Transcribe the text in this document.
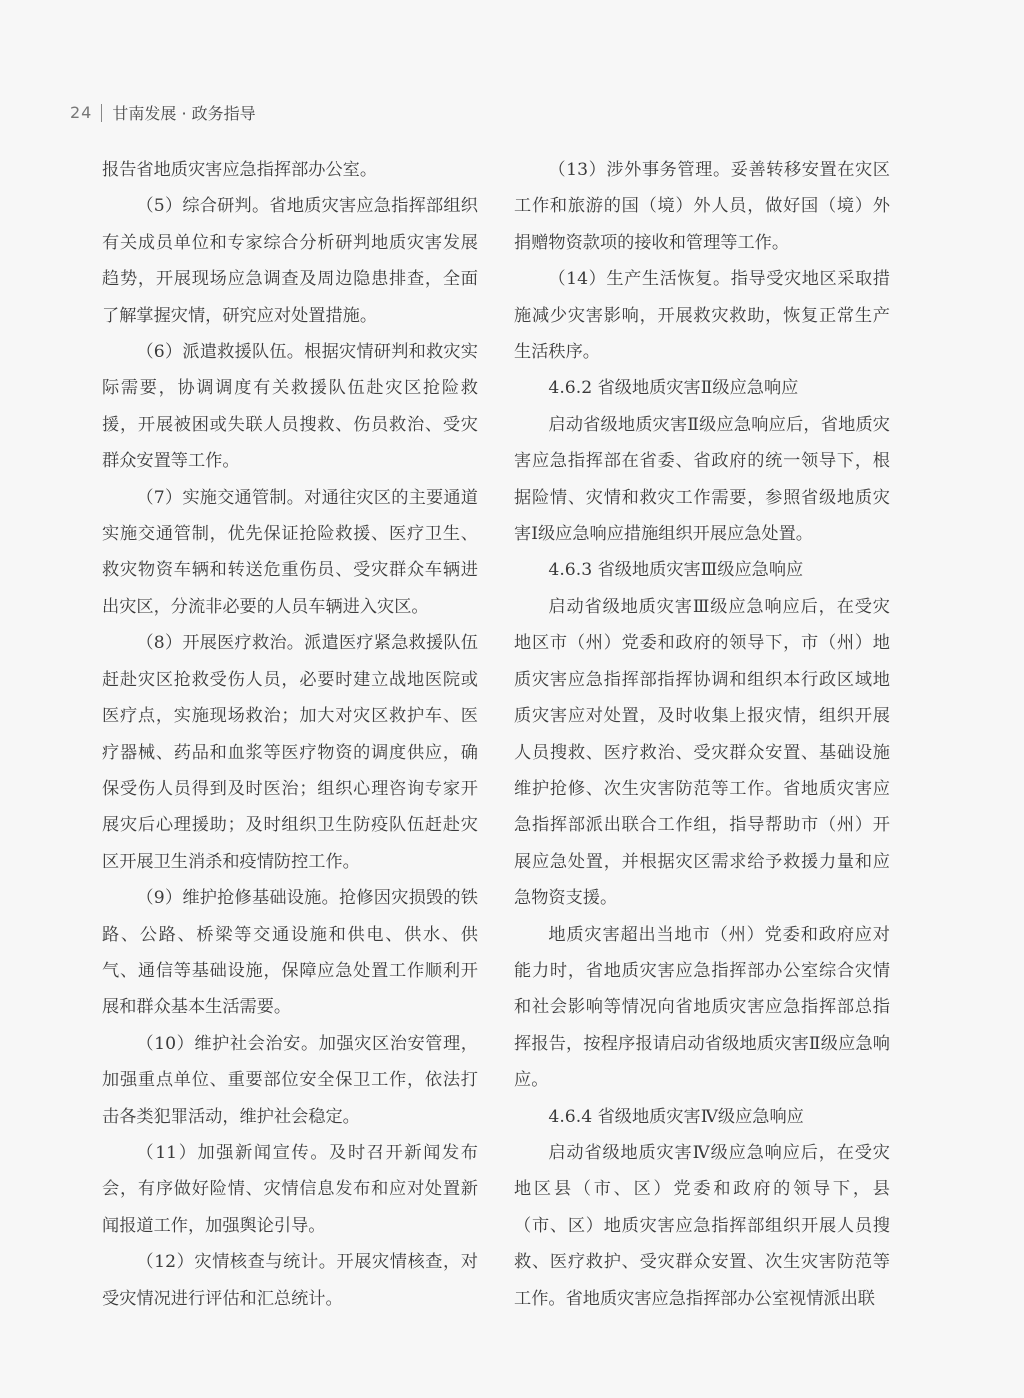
24 甘南发展 · 政务指导

报告省地质灾害应急指挥部办公室。

（5）综合研判。省地质灾害应急指挥部组织有关成员单位和专家综合分析研判地质灾害发展趋势，开展现场应急调查及周边隐患排查，全面了解掌握灾情，研究应对处置措施。

（6）派遣救援队伍。根据灾情研判和救灾实际需要，协调调度有关救援队伍赴灾区抢险救援，开展被困或失联人员搜救、伤员救治、受灾群众安置等工作。

（7）实施交通管制。对通往灾区的主要通道实施交通管制，优先保证抢险救援、医疗卫生、救灾物资车辆和转送危重伤员、受灾群众车辆进出灾区，分流非必要的人员车辆进入灾区。

（8）开展医疗救治。派遣医疗紧急救援队伍赶赴灾区抢救受伤人员，必要时建立战地医院或医疗点，实施现场救治；加大对灾区救护车、医疗器械、药品和血浆等医疗物资的调度供应，确保受伤人员得到及时医治；组织心理咨询专家开展灾后心理援助；及时组织卫生防疫队伍赶赴灾区开展卫生消杀和疫情防控工作。

（9）维护抢修基础设施。抢修因灾损毁的铁路、公路、桥梁等交通设施和供电、供水、供气、通信等基础设施，保障应急处置工作顺利开展和群众基本生活需要。

（10）维护社会治安。加强灾区治安管理，加强重点单位、重要部位安全保卫工作，依法打击各类犯罪活动，维护社会稳定。

（11）加强新闻宣传。及时召开新闻发布会，有序做好险情、灾情信息发布和应对处置新闻报道工作，加强舆论引导。

（12）灾情核查与统计。开展灾情核查，对受灾情况进行评估和汇总统计。

（13）涉外事务管理。妥善转移安置在灾区工作和旅游的国（境）外人员，做好国（境）外捐赠物资款项的接收和管理等工作。

（14）生产生活恢复。指导受灾地区采取措施减少灾害影响，开展救灾救助，恢复正常生产生活秩序。

4.6.2 省级地质灾害Ⅱ级应急响应

启动省级地质灾害Ⅱ级应急响应后，省地质灾害应急指挥部在省委、省政府的统一领导下，根据险情、灾情和救灾工作需要，参照省级地质灾害Ⅰ级应急响应措施组织开展应急处置。

4.6.3 省级地质灾害Ⅲ级应急响应

启动省级地质灾害Ⅲ级应急响应后，在受灾地区市（州）党委和政府的领导下，市（州）地质灾害应急指挥部指挥协调和组织本行政区域地质灾害应对处置，及时收集上报灾情，组织开展人员搜救、医疗救治、受灾群众安置、基础设施维护抢修、次生灾害防范等工作。省地质灾害应急指挥部派出联合工作组，指导帮助市（州）开展应急处置，并根据灾区需求给予救援力量和应急物资支援。

地质灾害超出当地市（州）党委和政府应对能力时，省地质灾害应急指挥部办公室综合灾情和社会影响等情况向省地质灾害应急指挥部总指挥报告，按程序报请启动省级地质灾害Ⅱ级应急响应。

4.6.4 省级地质灾害Ⅳ级应急响应

启动省级地质灾害Ⅳ级应急响应后，在受灾地区县（市、区）党委和政府的领导下，县（市、区）地质灾害应急指挥部组织开展人员搜救、医疗救护、受灾群众安置、次生灾害防范等工作。省地质灾害应急指挥部办公室视情派出联
